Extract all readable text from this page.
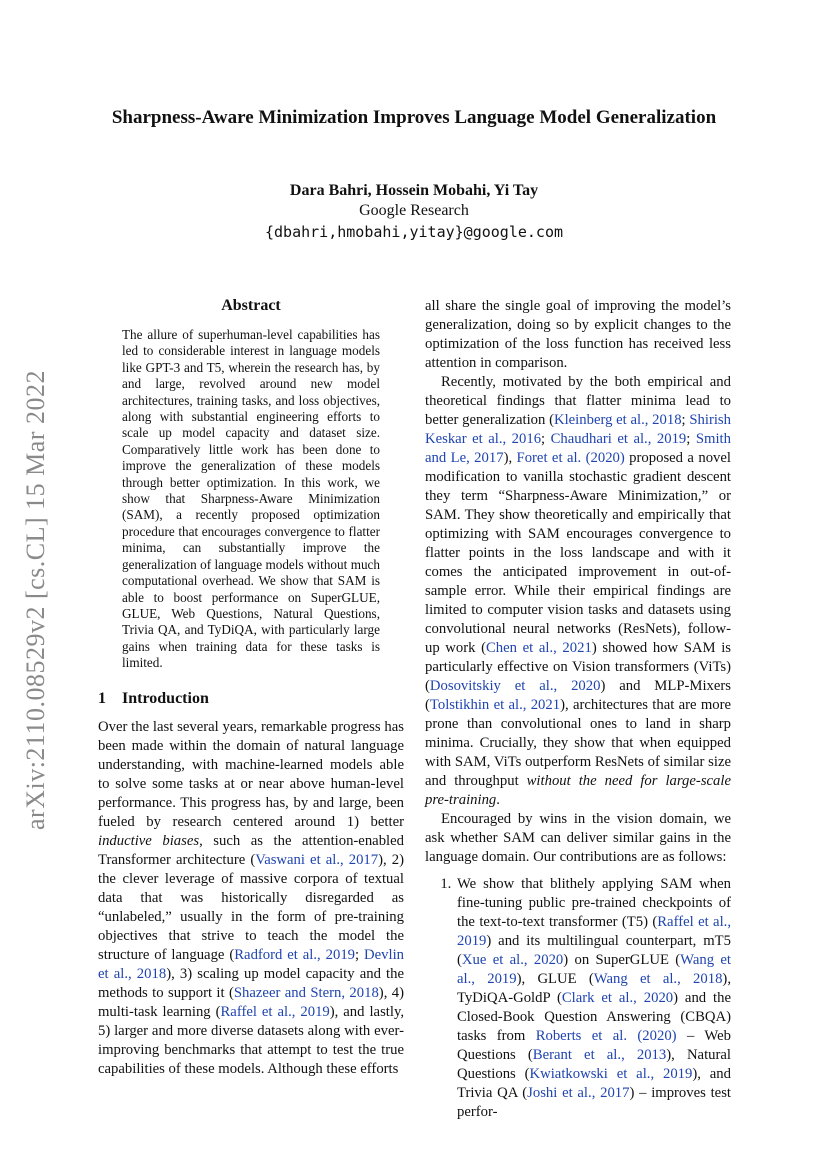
arXiv:2110.08529v2 [cs.CL] 15 Mar 2022
Sharpness-Aware Minimization Improves Language Model Generalization
Dara Bahri, Hossein Mobahi, Yi Tay
Google Research
{dbahri,hmobahi,yitay}@google.com
Abstract
The allure of superhuman-level capabilities has led to considerable interest in language models like GPT-3 and T5, wherein the research has, by and large, revolved around new model architectures, training tasks, and loss objectives, along with substantial engineering efforts to scale up model capacity and dataset size. Comparatively little work has been done to improve the generalization of these models through better optimization. In this work, we show that Sharpness-Aware Minimization (SAM), a recently proposed optimization procedure that encourages convergence to flatter minima, can substantially improve the generalization of language models without much computational overhead. We show that SAM is able to boost performance on SuperGLUE, GLUE, Web Questions, Natural Questions, Trivia QA, and TyDiQA, with particularly large gains when training data for these tasks is limited.
1 Introduction

Over the last several years, remarkable progress has been made within the domain of natural language understanding, with machine-learned models able to solve some tasks at or near above human-level performance. This progress has, by and large, been fueled by research centered around 1) better inductive biases, such as the attention-enabled Transformer architecture (Vaswani et al., 2017), 2) the clever leverage of massive corpora of textual data that was historically disregarded as “unlabeled,” usually in the form of pre-training objectives that strive to teach the model the structure of language (Radford et al., 2019; Devlin et al., 2018), 3) scaling up model capacity and the methods to support it (Shazeer and Stern, 2018), 4) multi-task learning (Raffel et al., 2019), and lastly, 5) larger and more diverse datasets along with ever-improving benchmarks that attempt to test the true capabilities of these models. Although these efforts

all share the single goal of improving the model’s generalization, doing so by explicit changes to the optimization of the loss function has received less attention in comparison.

Recently, motivated by the both empirical and theoretical findings that flatter minima lead to better generalization (Kleinberg et al., 2018; Shirish Keskar et al., 2016; Chaudhari et al., 2019; Smith and Le, 2017), Foret et al. (2020) proposed a novel modification to vanilla stochastic gradient descent they term “Sharpness-Aware Minimization,” or SAM. They show theoretically and empirically that optimizing with SAM encourages convergence to flatter points in the loss landscape and with it comes the anticipated improvement in out-of-sample error. While their empirical findings are limited to computer vision tasks and datasets using convolutional neural networks (ResNets), follow-up work (Chen et al., 2021) showed how SAM is particularly effective on Vision transformers (ViTs) (Dosovitskiy et al., 2020) and MLP-Mixers (Tolstikhin et al., 2021), architectures that are more prone than convolutional ones to land in sharp minima. Crucially, they show that when equipped with SAM, ViTs outperform ResNets of similar size and throughput without the need for large-scale pre-training.

Encouraged by wins in the vision domain, we ask whether SAM can deliver similar gains in the language domain. Our contributions are as follows:

1. We show that blithely applying SAM when fine-tuning public pre-trained checkpoints of the text-to-text transformer (T5) (Raffel et al., 2019) and its multilingual counterpart, mT5 (Xue et al., 2020) on SuperGLUE (Wang et al., 2019), GLUE (Wang et al., 2018), TyDiQA-GoldP (Clark et al., 2020) and the Closed-Book Question Answering (CBQA) tasks from Roberts et al. (2020) – Web Questions (Berant et al., 2013), Natural Questions (Kwiatkowski et al., 2019), and Trivia QA (Joshi et al., 2017) – improves test perfor-
